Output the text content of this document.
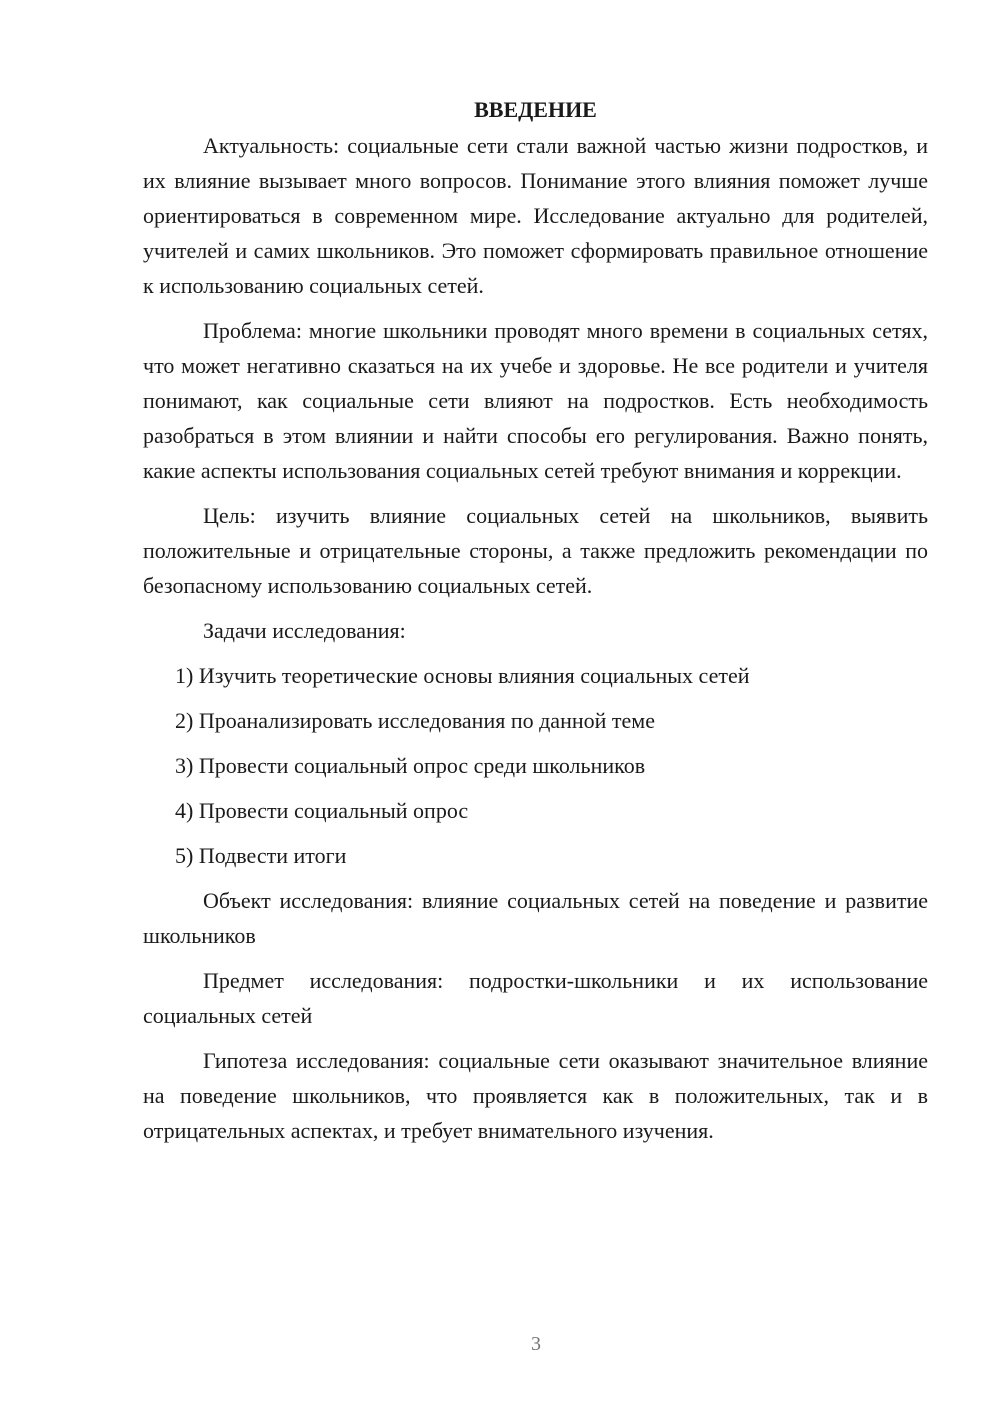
ВВЕДЕНИЕ

Актуальность: социальные сети стали важной частью жизни подростков, и их влияние вызывает много вопросов. Понимание этого влияния поможет лучше ориентироваться в современном мире. Исследование актуально для родителей, учителей и самих школьников. Это поможет сформировать правильное отношение к использованию социальных сетей.

Проблема: многие школьники проводят много времени в социальных сетях, что может негативно сказаться на их учебе и здоровье. Не все родители и учителя понимают, как социальные сети влияют на подростков. Есть необходимость разобраться в этом влиянии и найти способы его регулирования. Важно понять, какие аспекты использования социальных сетей требуют внимания и коррекции.

Цель: изучить влияние социальных сетей на школьников, выявить положительные и отрицательные стороны, а также предложить рекомендации по безопасному использованию социальных сетей.

Задачи исследования:

1) Изучить теоретические основы влияния социальных сетей
2) Проанализировать исследования по данной теме
3) Провести социальный опрос среди школьников
4) Провести социальный опрос
5) Подвести итоги

Объект исследования: влияние социальных сетей на поведение и развитие школьников

Предмет исследования: подростки-школьники и их использование социальных сетей

Гипотеза исследования: социальные сети оказывают значительное влияние на поведение школьников, что проявляется как в положительных, так и в отрицательных аспектах, и требует внимательного изучения.

3
